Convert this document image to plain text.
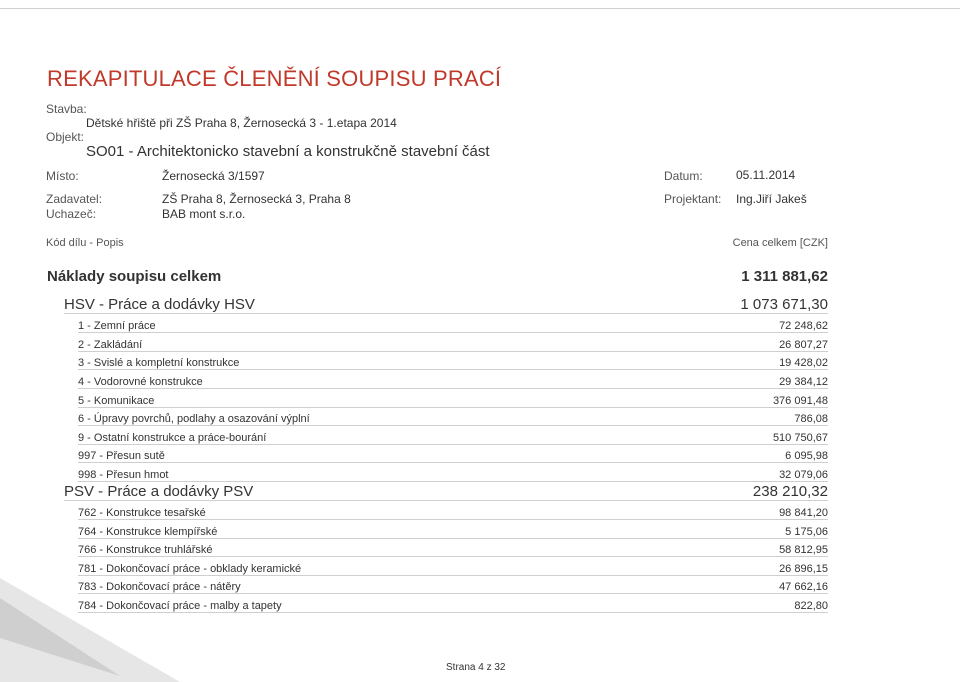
REKAPITULACE ČLENĚNÍ SOUPISU PRACÍ
Stavba:
Dětské hřiště při ZŠ Praha 8, Žernosecká 3 - 1.etapa 2014
Objekt:
SO01 - Architektonicko stavební a konstrukčně stavební část
Místo:	Žernosecká 3/1597	Datum:	05.11.2014
Zadavatel:	ZŠ Praha 8, Žernosecká 3, Praha 8	Projektant: Ing.Jiří Jakeš
Uchazeč:	BAB mont s.r.o.
Kód dílu - Popis	Cena celkem [CZK]
Náklady soupisu celkem	1 311 881,62
HSV - Práce a dodávky HSV	1 073 671,30
1 - Zemní práce	72 248,62
2 - Zakládání	26 807,27
3 - Svislé a kompletní konstrukce	19 428,02
4 - Vodorovné konstrukce	29 384,12
5 - Komunikace	376 091,48
6 - Úpravy povrchů, podlahy a osazování výplní	786,08
9 - Ostatní konstrukce a práce-bourání	510 750,67
997 - Přesun sutě	6 095,98
998 - Přesun hmot	32 079,06
PSV - Práce a dodávky PSV	238 210,32
762 - Konstrukce tesařské	98 841,20
764 - Konstrukce klempířské	5 175,06
766 - Konstrukce truhlářské	58 812,95
781 - Dokončovací práce - obklady keramické	26 896,15
783 - Dokončovací práce - nátěry	47 662,16
784 - Dokončovací práce - malby a tapety	822,80
Strana 4 z 32
